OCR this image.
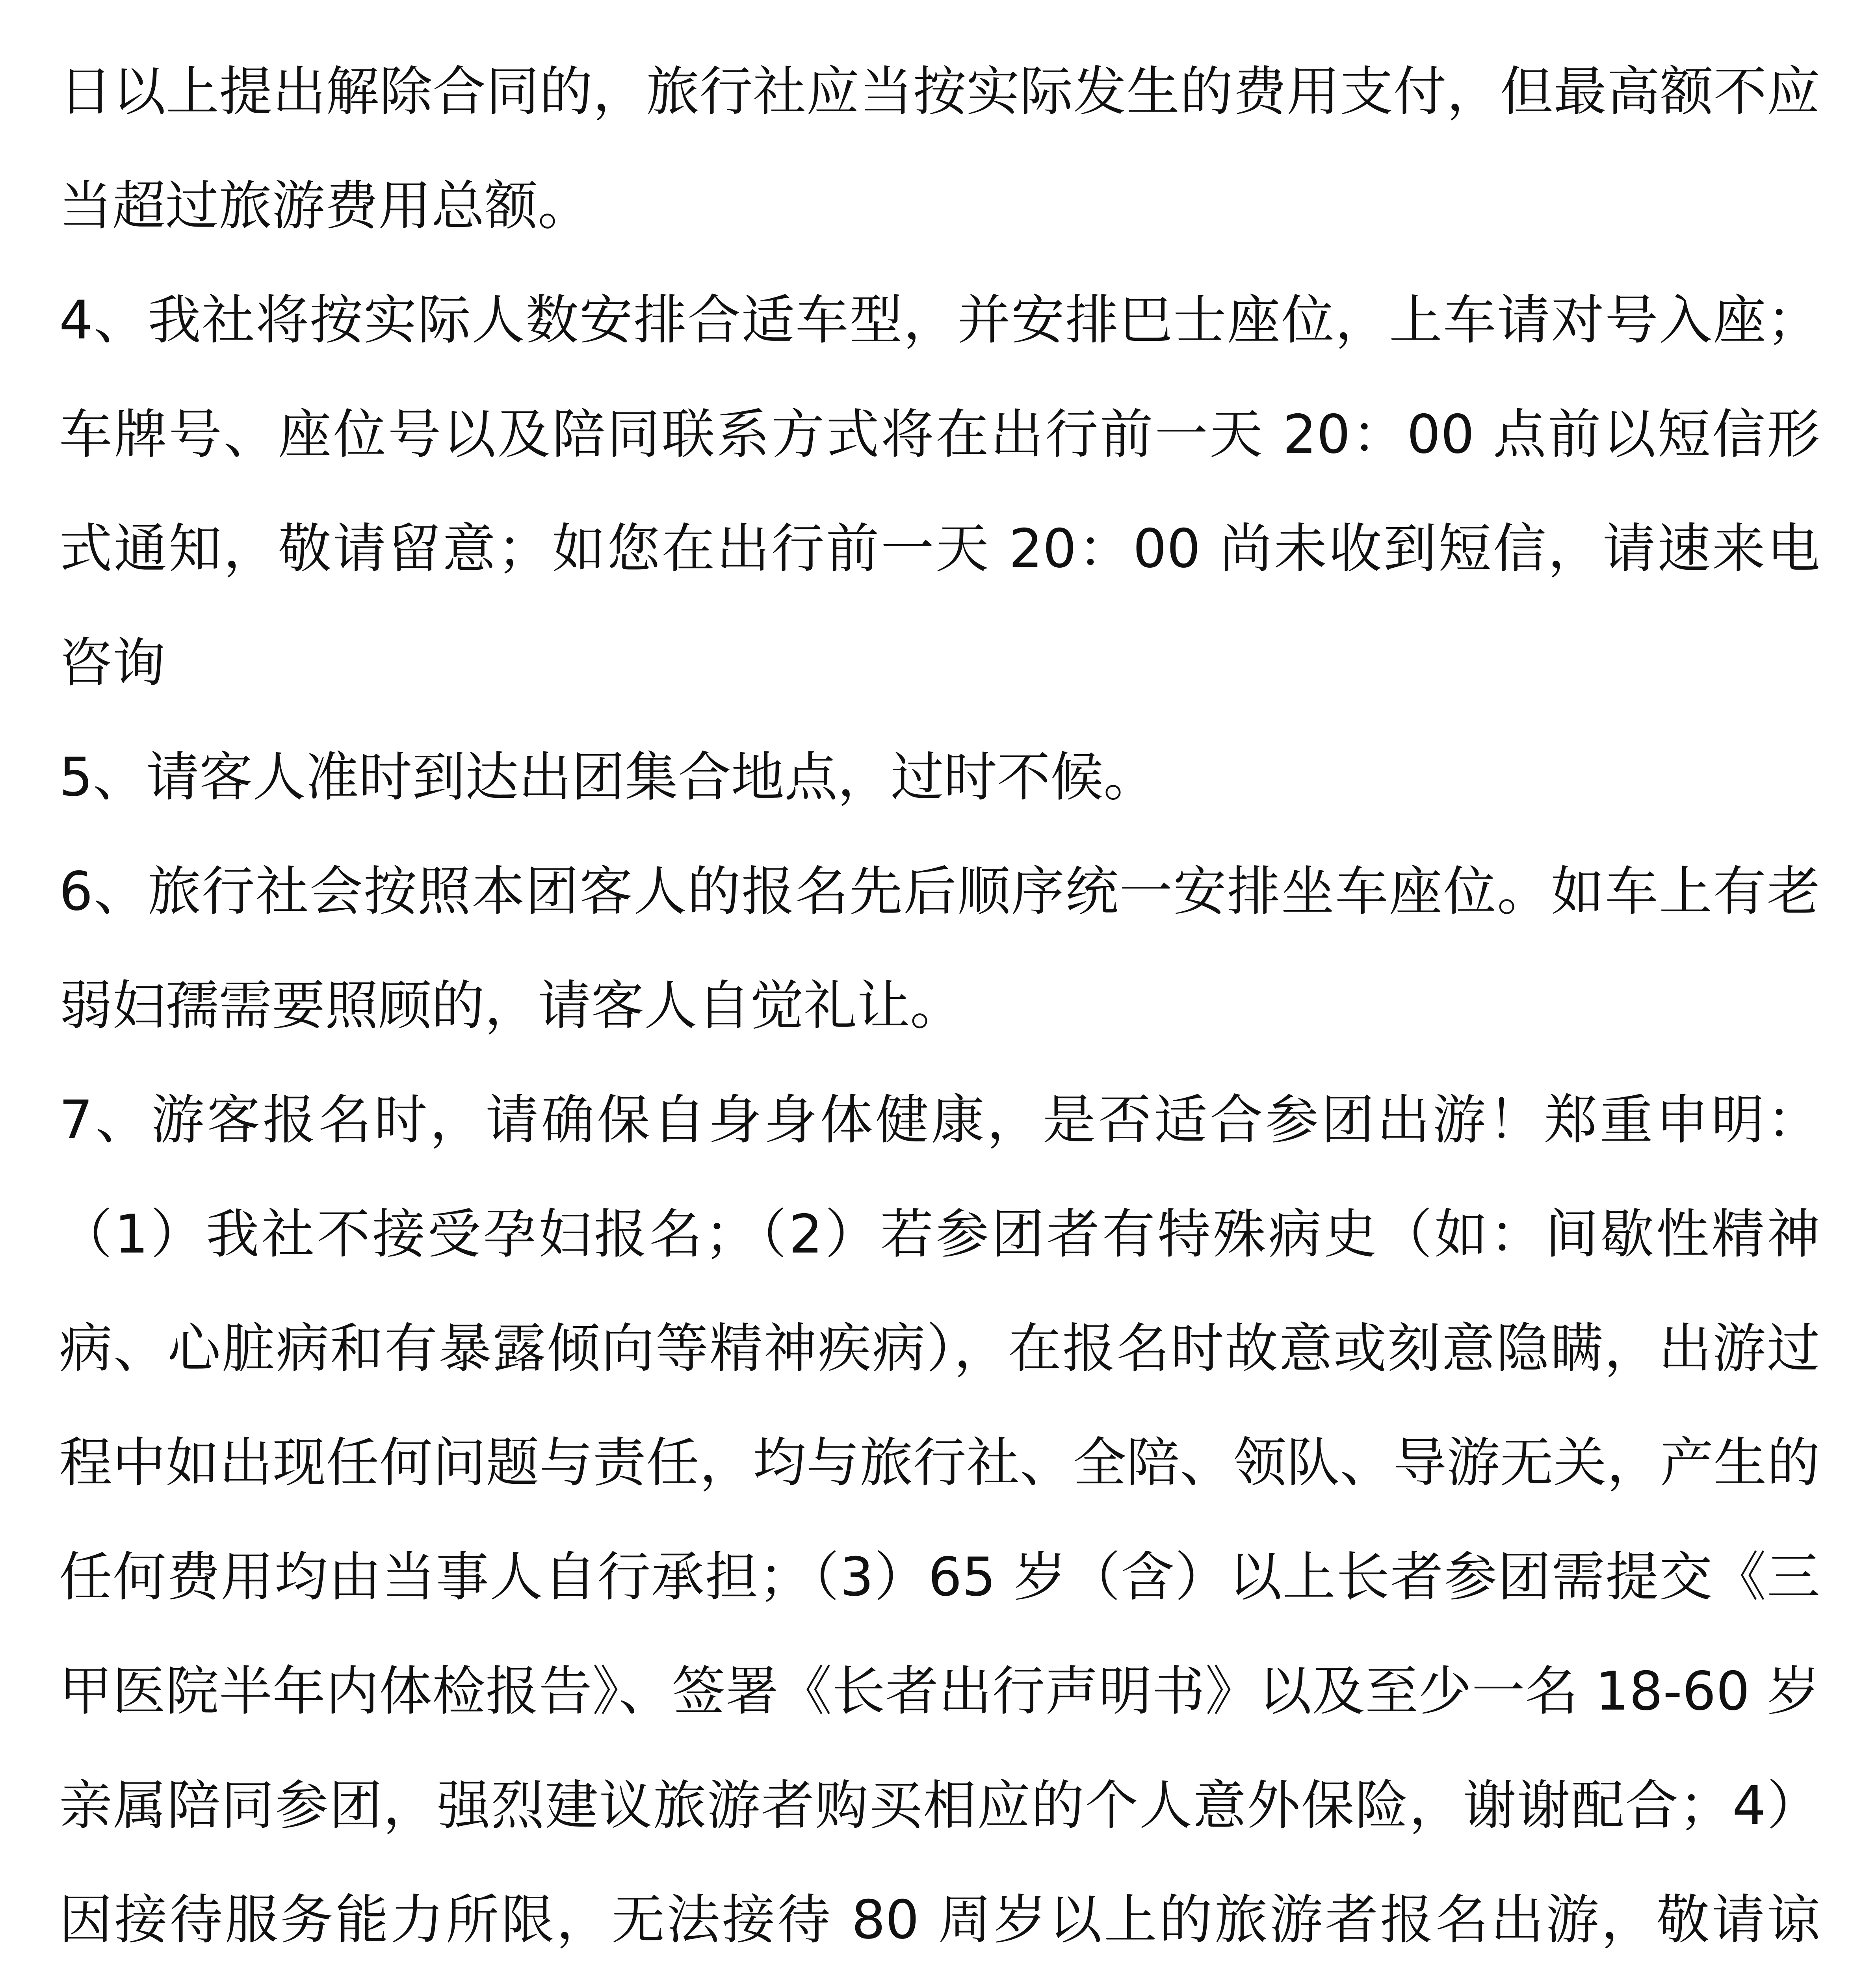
日以上提出解除合同的，旅行社应当按实际发生的费用支付，但最高额不应当超过旅游费用总额。

4、我社将按实际人数安排合适车型，并安排巴士座位，上车请对号入座；车牌号、座位号以及陪同联系方式将在出行前一天 20：00 点前以短信形式通知，敬请留意；如您在出行前一天 20：00 尚未收到短信，请速来电咨询

5、请客人准时到达出团集合地点，过时不候。

6、旅行社会按照本团客人的报名先后顺序统一安排坐车座位。如车上有老弱妇孺需要照顾的，请客人自觉礼让。

7、游客报名时，请确保自身身体健康，是否适合参团出游！郑重申明：（1）我社不接受孕妇报名；（2）若参团者有特殊病史（如：间歇性精神病、心脏病和有暴露倾向等精神疾病），在报名时故意或刻意隐瞒，出游过程中如出现任何问题与责任，均与旅行社、全陪、领队、导游无关，产生的任何费用均由当事人自行承担；（3）65 岁（含）以上长者参团需提交《三甲医院半年内体检报告》、签署《长者出行声明书》以及至少一名 18-60 岁亲属陪同参团，强烈建议旅游者购买相应的个人意外保险，谢谢配合；4）因接待服务能力所限，无法接待 80 周岁以上的旅游者报名出游，敬请谅
